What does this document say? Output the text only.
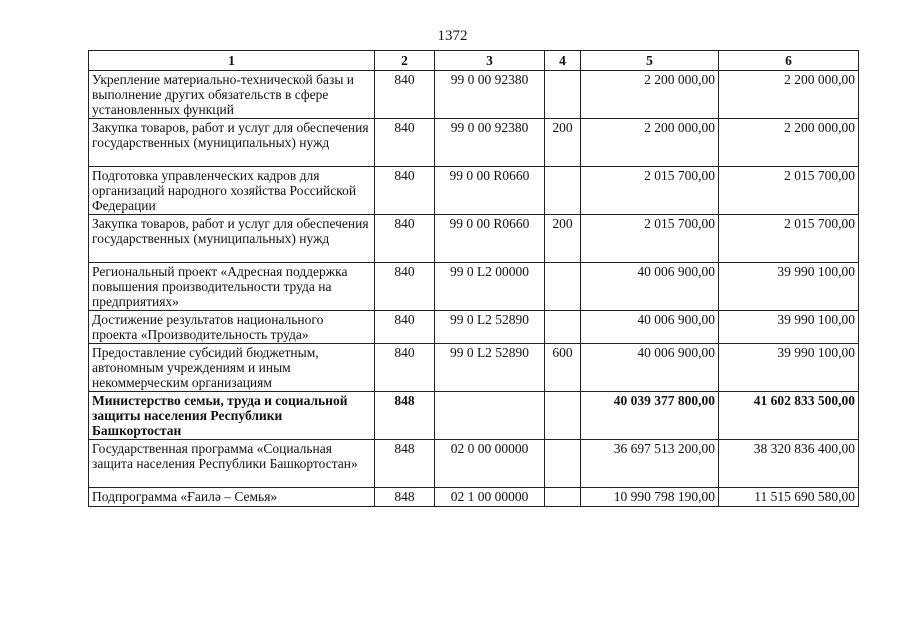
1372
1	2	3	4	5	6
Укрепление материально-технической базы и выполнение других обязательств в сфере установленных функций	840	99 0 00 92380		2 200 000,00	2 200 000,00
Закупка товаров, работ и услуг для обеспечения государственных (муниципальных) нужд	840	99 0 00 92380	200	2 200 000,00	2 200 000,00
Подготовка управленческих кадров для организаций народного хозяйства Российской Федерации	840	99 0 00 R0660		2 015 700,00	2 015 700,00
Закупка товаров, работ и услуг для обеспечения государственных (муниципальных) нужд	840	99 0 00 R0660	200	2 015 700,00	2 015 700,00
Региональный проект «Адресная поддержка повышения производительности труда на предприятиях»	840	99 0 L2 00000		40 006 900,00	39 990 100,00
Достижение результатов национального проекта «Производительность труда»	840	99 0 L2 52890		40 006 900,00	39 990 100,00
Предоставление субсидий бюджетным, автономным учреждениям и иным некоммерческим организациям	840	99 0 L2 52890	600	40 006 900,00	39 990 100,00
Министерство семьи, труда и социальной защиты населения Республики Башкортостан	848			40 039 377 800,00	41 602 833 500,00
Государственная программа «Социальная защита населения Республики Башкортостан»	848	02 0 00 00000		36 697 513 200,00	38 320 836 400,00
Подпрограмма «Ғаилә – Семья»	848	02 1 00 00000		10 990 798 190,00	11 515 690 580,00
